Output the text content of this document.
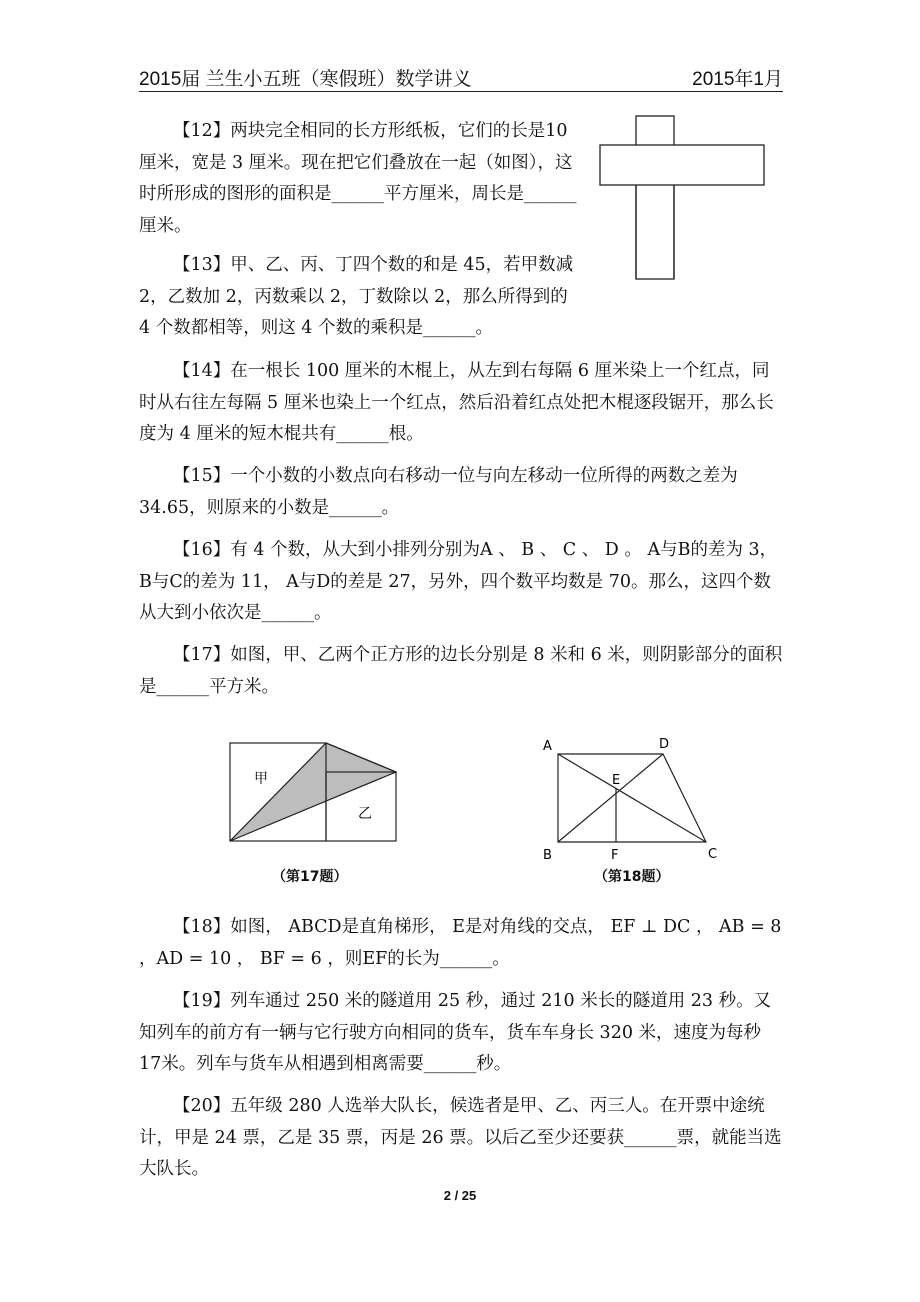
2015届 兰生小五班（寒假班）数学讲义	2015年1月

【12】两块完全相同的长方形纸板，它们的长是10 厘米，宽是 3 厘米。现在把它们叠放在一起（如图），这时所形成的图形的面积是______平方厘米，周长是______厘米。

【13】甲、乙、丙、丁四个数的和是 45，若甲数减 2，乙数加 2，丙数乘以 2，丁数除以 2，那么所得到的 4 个数都相等，则这 4 个数的乘积是______。

【14】在一根长 100 厘米的木棍上，从左到右每隔 6 厘米染上一个红点，同时从右往左每隔 5 厘米也染上一个红点，然后沿着红点处把木棍逐段锯开，那么长度为 4 厘米的短木棍共有______根。

【15】一个小数的小数点向右移动一位与向左移动一位所得的两数之差为34.65，则原来的小数是______。

【16】有 4 个数，从大到小排列分别为A 、 B 、 C 、 D 。 A与B的差为 3，B与C的差为 11， A与D的差是 27，另外，四个数平均数是 70。那么，这四个数从大到小依次是______。

【17】如图，甲、乙两个正方形的边长分别是 8 米和 6 米，则阴影部分的面积是______平方米。

甲
乙
（第17题）
A	D
E
B	F	C
（第18题）

【18】如图， ABCD是直角梯形， E是对角线的交点， EF ⊥ DC ， AB = 8 ，AD = 10 ， BF = 6 ，则EF的长为______。

【19】列车通过 250 米的隧道用 25 秒，通过 210 米长的隧道用 23 秒。又知列车的前方有一辆与它行驶方向相同的货车，货车车身长 320 米，速度为每秒 17米。列车与货车从相遇到相离需要______秒。

【20】五年级 280 人选举大队长，候选者是甲、乙、丙三人。在开票中途统计，甲是 24 票，乙是 35 票，丙是 26 票。以后乙至少还要获______票，就能当选大队长。

2 / 25
